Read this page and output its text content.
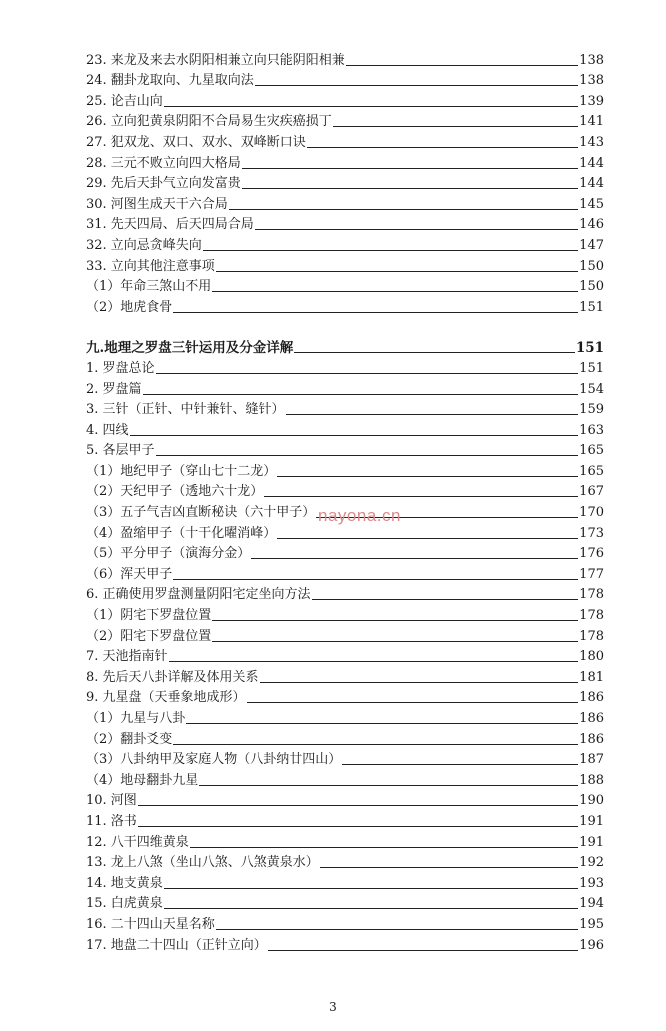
23. 来龙及来去水阴阳相兼立向只能阴阳相兼	138
24. 翻卦龙取向、九星取向法	138
25. 论吉山向	139
26. 立向犯黄泉阴阳不合局易生灾疾癌损丁	141
27. 犯双龙、双口、双水、双峰断口诀	143
28. 三元不败立向四大格局	144
29. 先后天卦气立向发富贵	144
30. 河图生成天干六合局	145
31. 先天四局、后天四局合局	146
32. 立向忌贪峰失向	147
33. 立向其他注意事项	150
（1）年命三煞山不用	150
（2）地虎食骨	151
九.地理之罗盘三针运用及分金详解	151
1. 罗盘总论	151
2. 罗盘篇	154
3. 三针（正针、中针兼针、缝针）	159
4. 四线	163
5. 各层甲子	165
（1）地纪甲子（穿山七十二龙）	165
（2）天纪甲子（透地六十龙）	167
（3）五子气吉凶直断秘诀（六十甲子）	170
（4）盈缩甲子（十干化曜消峰）	173
（5）平分甲子（演海分金）	176
（6）浑天甲子	177
6. 正确使用罗盘测量阴阳宅定坐向方法	178
（1）阴宅下罗盘位置	178
（2）阳宅下罗盘位置	178
7. 天池指南针	180
8. 先后天八卦详解及体用关系	181
9. 九星盘（天垂象地成形）	186
（1）九星与八卦	186
（2）翻卦爻变	186
（3）八卦纳甲及家庭人物（八卦纳廿四山）	187
（4）地母翻卦九星	188
10. 河图	190
11. 洛书	191
12. 八干四维黄泉	191
13. 龙上八煞（坐山八煞、八煞黄泉水）	192
14. 地支黄泉	193
15. 白虎黄泉	194
16. 二十四山天星名称	195
17. 地盘二十四山（正针立向）	196
nayona.cn
3
